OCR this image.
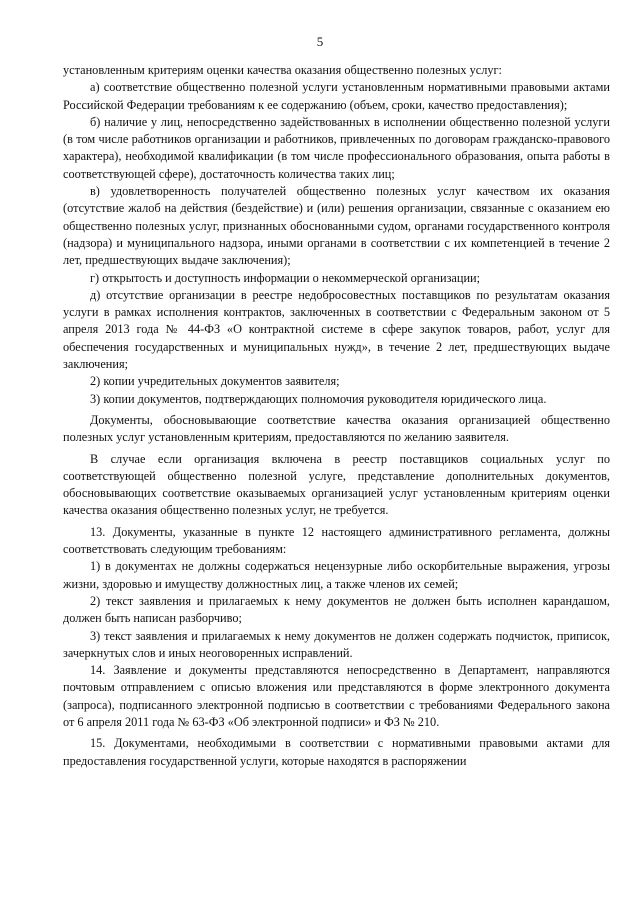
5

установленным критериям оценки качества оказания общественно полезных услуг:

а) соответствие общественно полезной услуги установленным нормативными правовыми актами Российской Федерации требованиям к ее содержанию (объем, сроки, качество предоставления);

б) наличие у лиц, непосредственно задействованных в исполнении общественно полезной услуги (в том числе работников организации и работников, привлеченных по договорам гражданско-правового характера), необходимой квалификации (в том числе профессионального образования, опыта работы в соответствующей сфере), достаточность количества таких лиц;

в) удовлетворенность получателей общественно полезных услуг качеством их оказания (отсутствие жалоб на действия (бездействие) и (или) решения организации, связанные с оказанием ею общественно полезных услуг, признанных обоснованными судом, органами государственного контроля (надзора) и муниципального надзора, иными органами в соответствии с их компетенцией в течение 2 лет, предшествующих выдаче заключения);

г) открытость и доступность информации о некоммерческой организации;

д) отсутствие организации в реестре недобросовестных поставщиков по результатам оказания услуги в рамках исполнения контрактов, заключенных в соответствии с Федеральным законом от 5 апреля 2013 года № 44-ФЗ «О контрактной системе в сфере закупок товаров, работ, услуг для обеспечения государственных и муниципальных нужд», в течение 2 лет, предшествующих выдаче заключения;

2) копии учредительных документов заявителя;

3) копии документов, подтверждающих полномочия руководителя юридического лица.

Документы, обосновывающие соответствие качества оказания организацией общественно полезных услуг установленным критериям, предоставляются по желанию заявителя.

В случае если организация включена в реестр поставщиков социальных услуг по соответствующей общественно полезной услуге, представление дополнительных документов, обосновывающих соответствие оказываемых организацией услуг установленным критериям оценки качества оказания общественно полезных услуг, не требуется.

13. Документы, указанные в пункте 12 настоящего административного регламента, должны соответствовать следующим требованиям:

1) в документах не должны содержаться нецензурные либо оскорбительные выражения, угрозы жизни, здоровью и имуществу должностных лиц, а также членов их семей;

2) текст заявления и прилагаемых к нему документов не должен быть исполнен карандашом, должен быть написан разборчиво;

3) текст заявления и прилагаемых к нему документов не должен содержать подчисток, приписок, зачеркнутых слов и иных неоговоренных исправлений.

14. Заявление и документы представляются непосредственно в Департамент, направляются почтовым отправлением с описью вложения или представляются в форме электронного документа (запроса), подписанного электронной подписью в соответствии с требованиями Федерального закона от 6 апреля 2011 года № 63-ФЗ «Об электронной подписи» и ФЗ № 210.

15. Документами, необходимыми в соответствии с нормативными правовыми актами для предоставления государственной услуги, которые находятся в распоряжении
